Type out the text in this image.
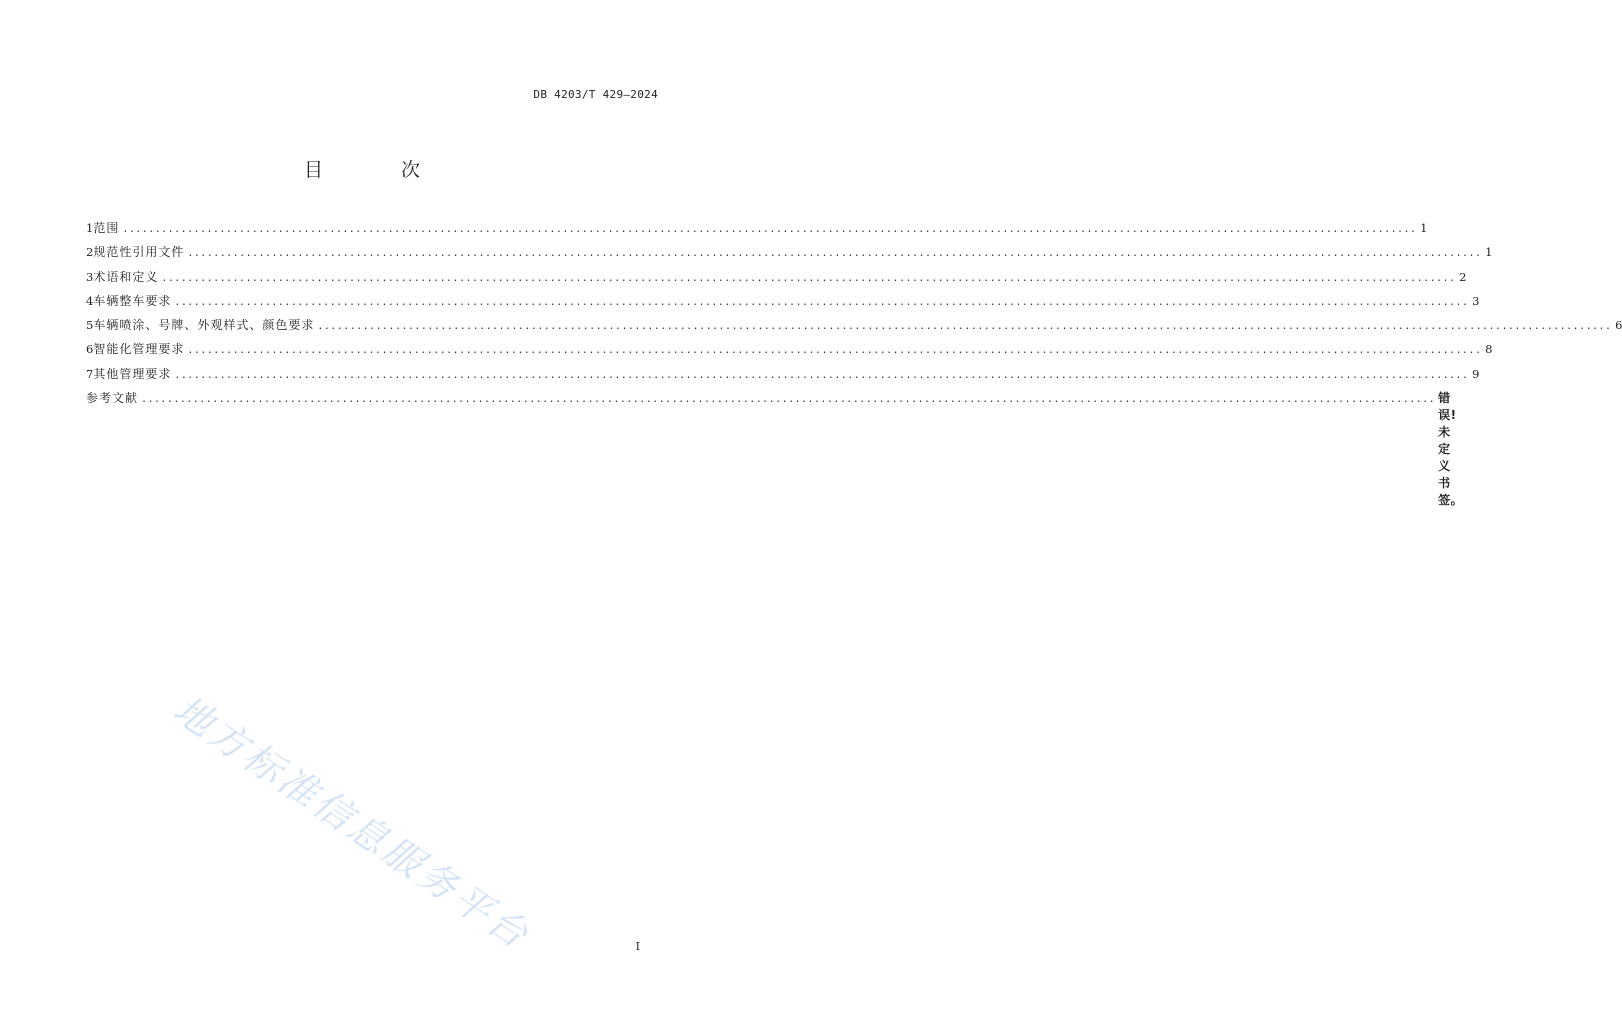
DB 4203/T 429—2024
目 次
1 范围 ........................................................................................................................................................................................................ 1
2 规范性引用文件 ........................................................................................................................................................................................................ 1
3 术语和定义 ........................................................................................................................................................................................................ 2
4 车辆整车要求 ........................................................................................................................................................................................................ 3
5 车辆喷涂、号牌、外观样式、颜色要求 ........................................................................................................................................................................................................ 6
6 智能化管理要求 ........................................................................................................................................................................................................ 8
7 其他管理要求 ........................................................................................................................................................................................................ 9
参考文献 ........................................................................................................................................................................................................ 错误!未定义书签。
地方标准信息服务平台	I
